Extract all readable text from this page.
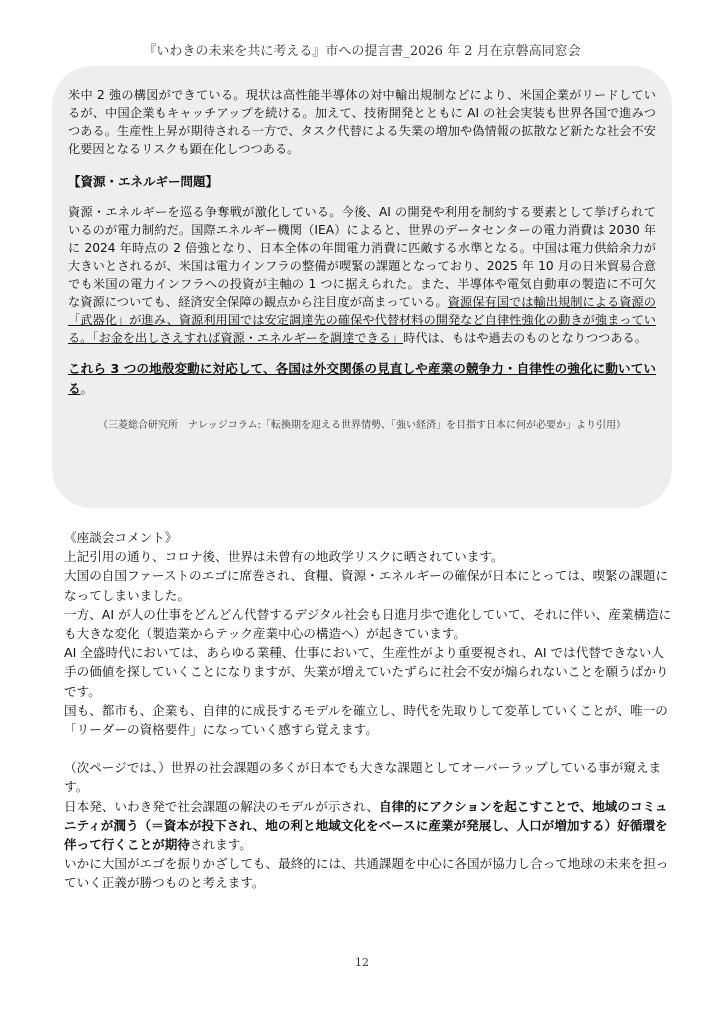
『いわきの未来を共に考える』市への提言書_2026 年 2 月在京磐高同窓会

米中 2 強の構図ができている。現状は高性能半導体の対中輸出規制などにより、米国企業がリードしているが、中国企業もキャッチアップを続ける。加えて、技術開発とともに AI の社会実装も世界各国で進みつつある。生産性上昇が期待される一方で、タスク代替による失業の増加や偽情報の拡散など新たな社会不安化要因となるリスクも顕在化しつつある。

【資源・エネルギー問題】

資源・エネルギーを巡る争奪戦が激化している。今後、AI の開発や利用を制約する要素として挙げられているのが電力制約だ。国際エネルギー機関（IEA）によると、世界のデータセンターの電力消費は 2030 年に 2024 年時点の 2 倍強となり、日本全体の年間電力消費に匹敵する水準となる。中国は電力供給余力が大きいとされるが、米国は電力インフラの整備が喫緊の課題となっており、2025 年 10 月の日米貿易合意でも米国の電力インフラへの投資が主軸の 1 つに据えられた。また、半導体や電気自動車の製造に不可欠な資源についても、経済安全保障の観点から注目度が高まっている。資源保有国では輸出規制による資源の「武器化」が進み、資源利用国では安定調達先の確保や代替材料の開発など自律性強化の動きが強まっている。「お金を出しさえすれば資源・エネルギーを調達できる」時代は、もはや過去のものとなりつつある。

これら 3 つの地殻変動に対応して、各国は外交関係の見直しや産業の競争力・自律性の強化に動いている。

（三菱総合研究所　ナレッジコラム:「転換期を迎える世界情勢、「強い経済」を目指す日本に何が必要か」より引用）

《座談会コメント》

上記引用の通り、コロナ後、世界は未曾有の地政学リスクに晒されています。

大国の自国ファーストのエゴに席巻され、食糧、資源・エネルギーの確保が日本にとっては、喫緊の課題になってしまいました。

一方、AI が人の仕事をどんどん代替するデジタル社会も日進月歩で進化していて、それに伴い、産業構造にも大きな変化（製造業からテック産業中心の構造へ）が起きています。

AI 全盛時代においては、あらゆる業種、仕事において、生産性がより重要視され、AI では代替できない人手の価値を探していくことになりますが、失業が増えていたずらに社会不安が煽られないことを願うばかりです。

国も、都市も、企業も、自律的に成長するモデルを確立し、時代を先取りして変革していくことが、唯一の「リーダーの資格要件」になっていく感すら覚えます。

（次ページでは、）世界の社会課題の多くが日本でも大きな課題としてオーバーラップしている事が窺えます。

日本発、いわき発で社会課題の解決のモデルが示され、自律的にアクションを起こすことで、地域のコミュニティが潤う（＝資本が投下され、地の利と地域文化をベースに産業が発展し、人口が増加する）好循環を伴って行くことが期待されます。

いかに大国がエゴを振りかざしても、最終的には、共通課題を中心に各国が協力し合って地球の未来を担っていく正義が勝つものと考えます。

12
